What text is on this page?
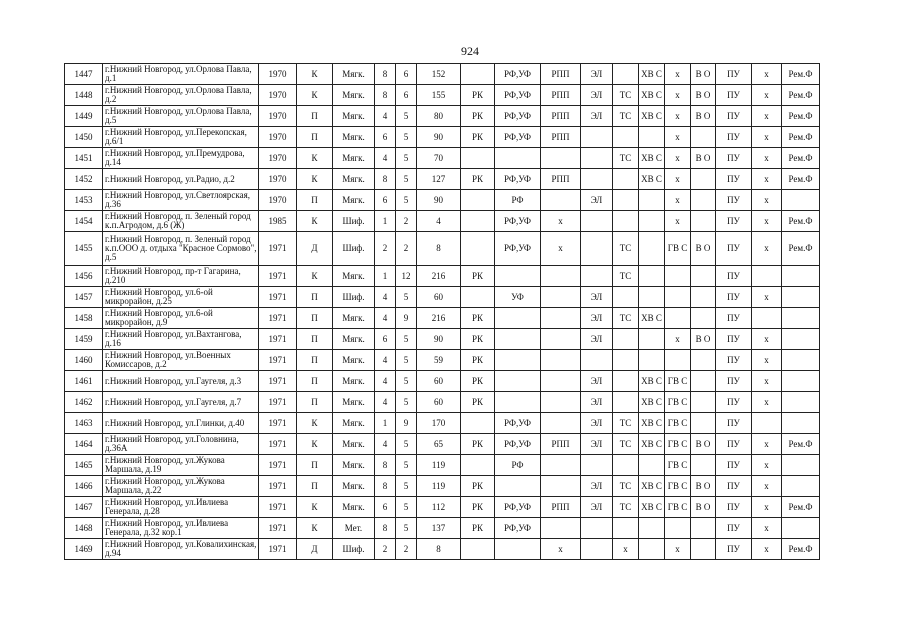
924
1447	г.Нижний Новгород, ул.Орлова Павла, д.1	1970	К	Мягк.	8	6	152		РФ,УФ	РПП	ЭЛ		ХВ С	х	В О	ПУ	х	Рем.Ф
1448	г.Нижний Новгород, ул.Орлова Павла, д.2	1970	К	Мягк.	8	6	155	РК	РФ,УФ	РПП	ЭЛ	ТС	ХВ С	х	В О	ПУ	х	Рем.Ф
1449	г.Нижний Новгород, ул.Орлова Павла, д.5	1970	П	Мягк.	4	5	80	РК	РФ,УФ	РПП	ЭЛ	ТС	ХВ С	х	В О	ПУ	х	Рем.Ф
1450	г.Нижний Новгород, ул.Перекопская, д.6/1	1970	П	Мягк.	6	5	90	РК	РФ,УФ	РПП				х		ПУ	х	Рем.Ф
1451	г.Нижний Новгород, ул.Премудрова, д.14	1970	К	Мягк.	4	5	70					ТС	ХВ С	х	В О	ПУ	х	Рем.Ф
1452	г.Нижний Новгород, ул.Радио, д.2	1970	К	Мягк.	8	5	127	РК	РФ,УФ	РПП			ХВ С	х		ПУ	х	Рем.Ф
1453	г.Нижний Новгород, ул.Светлоярская, д.36	1970	П	Мягк.	6	5	90		РФ		ЭЛ			х		ПУ	х	
1454	г.Нижний Новгород, п. Зеленый город к.п.Агродом, д.6 (Ж)	1985	К	Шиф.	1	2	4		РФ,УФ	х				х		ПУ	х	Рем.Ф
1455	г.Нижний Новгород, п. Зеленый город к.п.ООО д. отдыха "Красное Сормово", д.5	1971	Д	Шиф.	2	2	8		РФ,УФ	х		ТС		ГВ С	В О	ПУ	х	Рем.Ф
1456	г.Нижний Новгород, пр-т Гагарина, д.210	1971	К	Мягк.	1	12	216	РК				ТС				ПУ		
1457	г.Нижний Новгород, ул.6-ой микрорайон, д.25	1971	П	Шиф.	4	5	60		УФ		ЭЛ					ПУ	х	
1458	г.Нижний Новгород, ул.6-ой микрорайон, д.9	1971	П	Мягк.	4	9	216	РК			ЭЛ	ТС	ХВ С			ПУ		
1459	г.Нижний Новгород, ул.Вахтангова, д.16	1971	П	Мягк.	6	5	90	РК			ЭЛ			х	В О	ПУ	х	
1460	г.Нижний Новгород, ул.Военных Комиссаров, д.2	1971	П	Мягк.	4	5	59	РК								ПУ	х	
1461	г.Нижний Новгород, ул.Гаугеля, д.3	1971	П	Мягк.	4	5	60	РК			ЭЛ		ХВ С	ГВ С		ПУ	х	
1462	г.Нижний Новгород, ул.Гаугеля, д.7	1971	П	Мягк.	4	5	60	РК			ЭЛ		ХВ С	ГВ С		ПУ	х	
1463	г.Нижний Новгород, ул.Глинки, д.40	1971	К	Мягк.	1	9	170		РФ,УФ		ЭЛ	ТС	ХВ С	ГВ С		ПУ		
1464	г.Нижний Новгород, ул.Головнина, д.36А	1971	К	Мягк.	4	5	65	РК	РФ,УФ	РПП	ЭЛ	ТС	ХВ С	ГВ С	В О	ПУ	х	Рем.Ф
1465	г.Нижний Новгород, ул.Жукова Маршала, д.19	1971	П	Мягк.	8	5	119		РФ					ГВ С		ПУ	х	
1466	г.Нижний Новгород, ул.Жукова Маршала, д.22	1971	П	Мягк.	8	5	119	РК			ЭЛ	ТС	ХВ С	ГВ С	В О	ПУ	х	
1467	г.Нижний Новгород, ул.Ивлиева Генерала, д.28	1971	К	Мягк.	6	5	112	РК	РФ,УФ	РПП	ЭЛ	ТС	ХВ С	ГВ С	В О	ПУ	х	Рем.Ф
1468	г.Нижний Новгород, ул.Ивлиева Генерала, д.32 кор.1	1971	К	Мет.	8	5	137	РК	РФ,УФ							ПУ	х	
1469	г.Нижний Новгород, ул.Ковалихинская, д.94	1971	Д	Шиф.	2	2	8			х		х		х		ПУ	х	Рем.Ф
